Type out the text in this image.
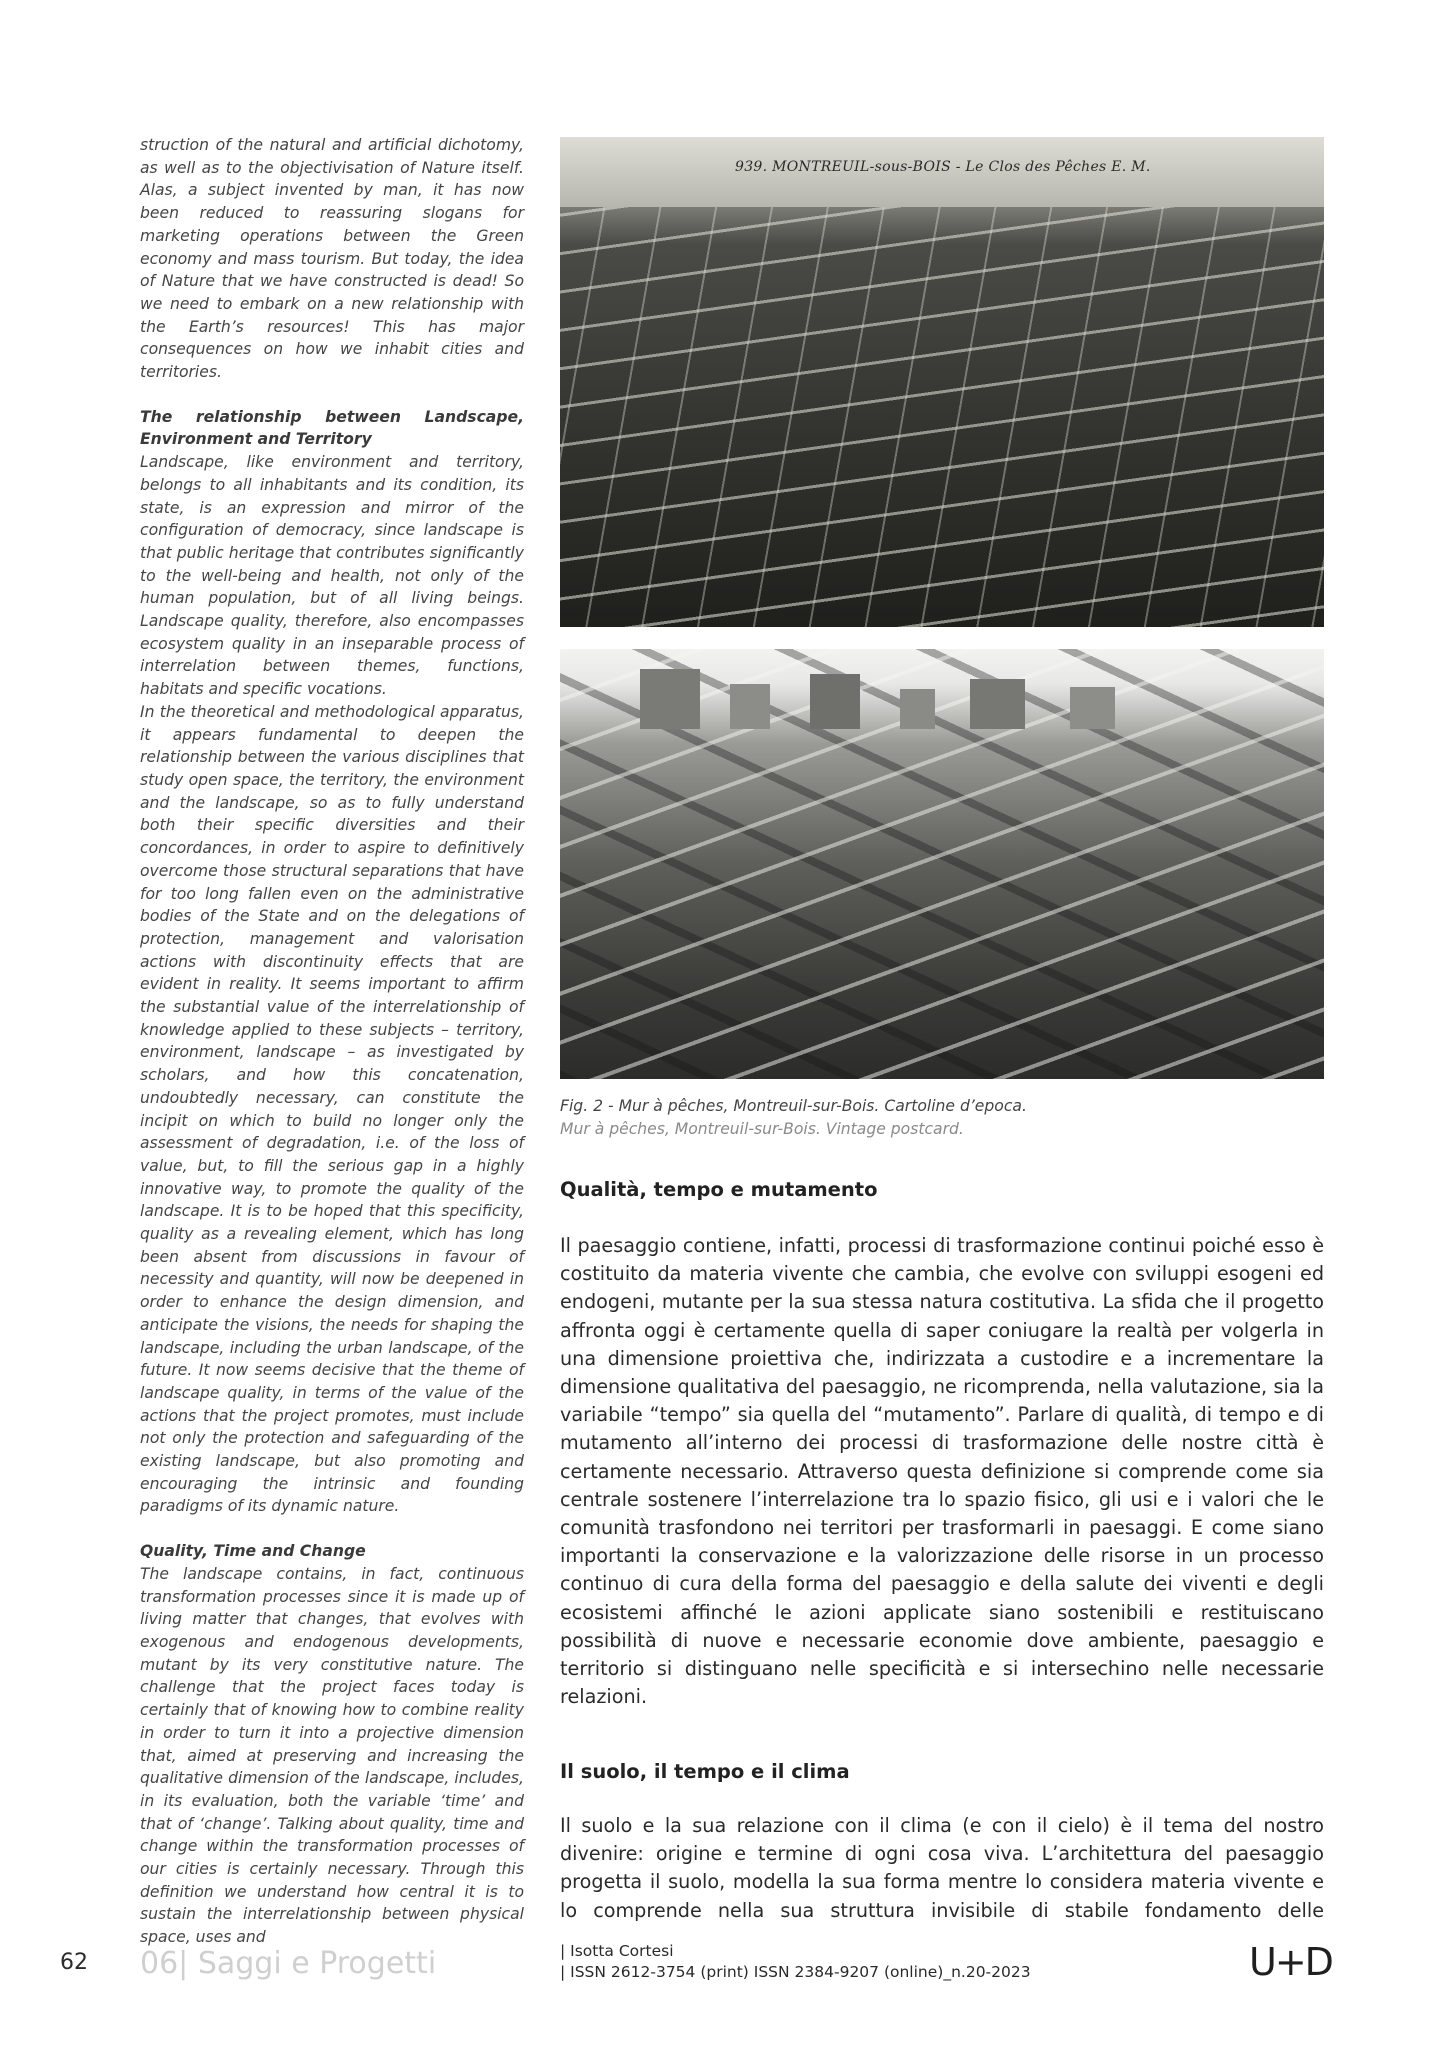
struction of the natural and artificial dichotomy, as well as to the objectivisation of Nature itself. Alas, a subject invented by man, it has now been reduced to reassuring slogans for marketing operations between the Green economy and mass tourism. But today, the idea of Nature that we have constructed is dead! So we need to embark on a new relationship with the Earth’s resources! This has major consequences on how we inhabit cities and territories.

The relationship between Landscape, Environment and Territory

Landscape, like environment and territory, belongs to all inhabitants and its condition, its state, is an expression and mirror of the configuration of democracy, since landscape is that public heritage that contributes significantly to the well-being and health, not only of the human population, but of all living beings. Landscape quality, therefore, also encompasses ecosystem quality in an inseparable process of interrelation between themes, functions, habitats and specific vocations.

In the theoretical and methodological apparatus, it appears fundamental to deepen the relationship between the various disciplines that study open space, the territory, the environment and the landscape, so as to fully understand both their specific diversities and their concordances, in order to aspire to definitively overcome those structural separations that have for too long fallen even on the administrative bodies of the State and on the delegations of protection, management and valorisation actions with discontinuity effects that are evident in reality. It seems important to affirm the substantial value of the interrelationship of knowledge applied to these subjects – territory, environment, landscape – as investigated by scholars, and how this concatenation, undoubtedly necessary, can constitute the incipit on which to build no longer only the assessment of degradation, i.e. of the loss of value, but, to fill the serious gap in a highly innovative way, to promote the quality of the landscape. It is to be hoped that this specificity, quality as a revealing element, which has long been absent from discussions in favour of necessity and quantity, will now be deepened in order to enhance the design dimension, and anticipate the visions, the needs for shaping the landscape, including the urban landscape, of the future. It now seems decisive that the theme of landscape quality, in terms of the value of the actions that the project promotes, must include not only the protection and safeguarding of the existing landscape, but also promoting and encouraging the intrinsic and founding paradigms of its dynamic nature.

Quality, Time and Change

The landscape contains, in fact, continuous transformation processes since it is made up of living matter that changes, that evolves with exogenous and endogenous developments, mutant by its very constitutive nature. The challenge that the project faces today is certainly that of knowing how to combine reality in order to turn it into a projective dimension that, aimed at preserving and increasing the qualitative dimension of the landscape, includes, in its evaluation, both the variable ‘time’ and that of ‘change’. Talking about quality, time and change within the transformation processes of our cities is certainly necessary. Through this definition we understand how central it is to sustain the interrelationship between physical space, uses and

939. MONTREUIL-sous-BOIS - Le Clos des Pêches E. M.
Fig. 2 - Mur à pêches, Montreuil-sur-Bois. Cartoline d’epoca.
Mur à pêches, Montreuil-sur-Bois. Vintage postcard.
Qualità, tempo e mutamento

Il paesaggio contiene, infatti, processi di trasformazione continui poiché esso è costituito da materia vivente che cambia, che evolve con sviluppi esogeni ed endogeni, mutante per la sua stessa natura costitutiva. La sfida che il progetto affronta oggi è certamente quella di saper coniugare la realtà per volgerla in una dimensione proiettiva che, indirizzata a custodire e a incrementare la dimensione qualitativa del paesaggio, ne ricomprenda, nella valutazione, sia la variabile “tempo” sia quella del “mutamento”. Parlare di qualità, di tempo e di mutamento all’interno dei processi di trasformazione delle nostre città è certamente necessario. Attraverso questa definizione si comprende come sia centrale sostenere l’interrelazione tra lo spazio fisico, gli usi e i valori che le comunità trasfondono nei territori per trasformarli in paesaggi. E come siano importanti la conservazione e la valorizzazione delle risorse in un processo continuo di cura della forma del paesaggio e della salute dei viventi e degli ecosistemi affinché le azioni applicate siano sostenibili e restituiscano possibilità di nuove e necessarie economie dove ambiente, paesaggio e territorio si distinguano nelle specificità e si intersechino nelle necessarie relazioni.

Il suolo, il tempo e il clima

Il suolo e la sua relazione con il clima (e con il cielo) è il tema del nostro divenire: origine e termine di ogni cosa viva. L’architettura del paesaggio progetta il suolo, modella la sua forma mentre lo considera materia vivente e lo comprende nella sua struttura invisibile di stabile fondamento delle

62 06| Saggi e Progetti	| Isotta Cortesi
| ISSN 2612-3754 (print) ISSN 2384-9207 (online)_n.20-2023	U+D
